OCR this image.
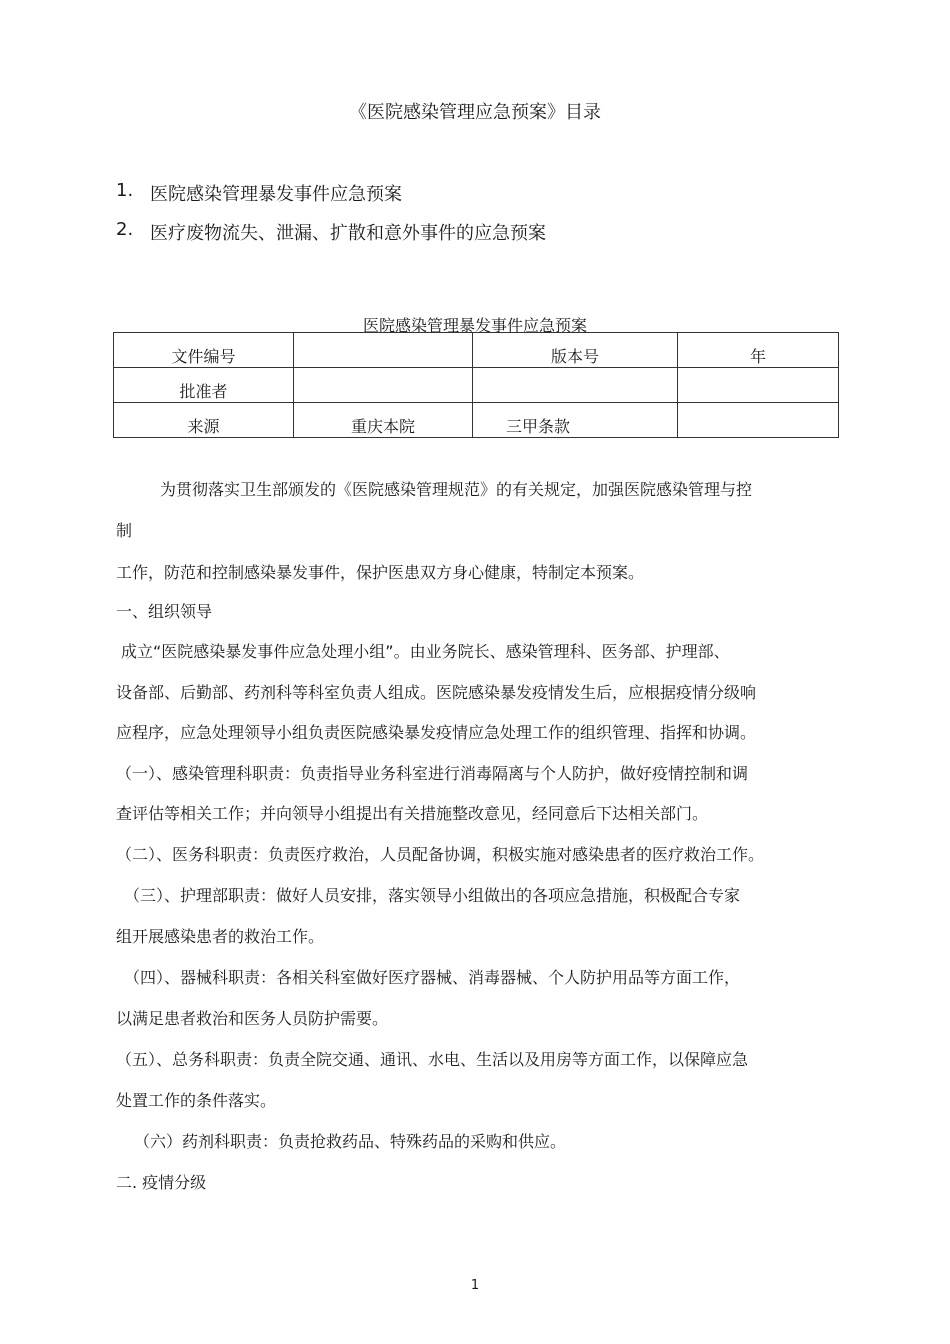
《医院感染管理应急预案》目录
1. 医院感染管理暴发事件应急预案
2. 医疗废物流失、泄漏、扩散和意外事件的应急预案
医院感染管理暴发事件应急预案
文件编号		版本号	年
批准者			
来源	重庆本院	三甲条款	
为贯彻落实卫生部颁发的《医院感染管理规范》的有关规定，加强医院感染管理与控
制
工作，防范和控制感染暴发事件，保护医患双方身心健康，特制定本预案。
一、组织领导
成立“医院感染暴发事件应急处理小组”。由业务院长、感染管理科、医务部、护理部、
设备部、后勤部、药剂科等科室负责人组成。医院感染暴发疫情发生后，应根据疫情分级响
应程序，应急处理领导小组负责医院感染暴发疫情应急处理工作的组织管理、指挥和协调。
（一）、感染管理科职责：负责指导业务科室进行消毒隔离与个人防护，做好疫情控制和调
查评估等相关工作；并向领导小组提出有关措施整改意见，经同意后下达相关部门。
（二）、医务科职责：负责医疗救治，人员配备协调，积极实施对感染患者的医疗救治工作。
（三）、护理部职责：做好人员安排，落实领导小组做出的各项应急措施，积极配合专家
组开展感染患者的救治工作。
（四）、器械科职责：各相关科室做好医疗器械、消毒器械、个人防护用品等方面工作，
以满足患者救治和医务人员防护需要。
（五）、总务科职责：负责全院交通、通讯、水电、生活以及用房等方面工作，以保障应急
处置工作的条件落实。
（六）药剂科职责：负责抢救药品、特殊药品的采购和供应。
二. 疫情分级
1
